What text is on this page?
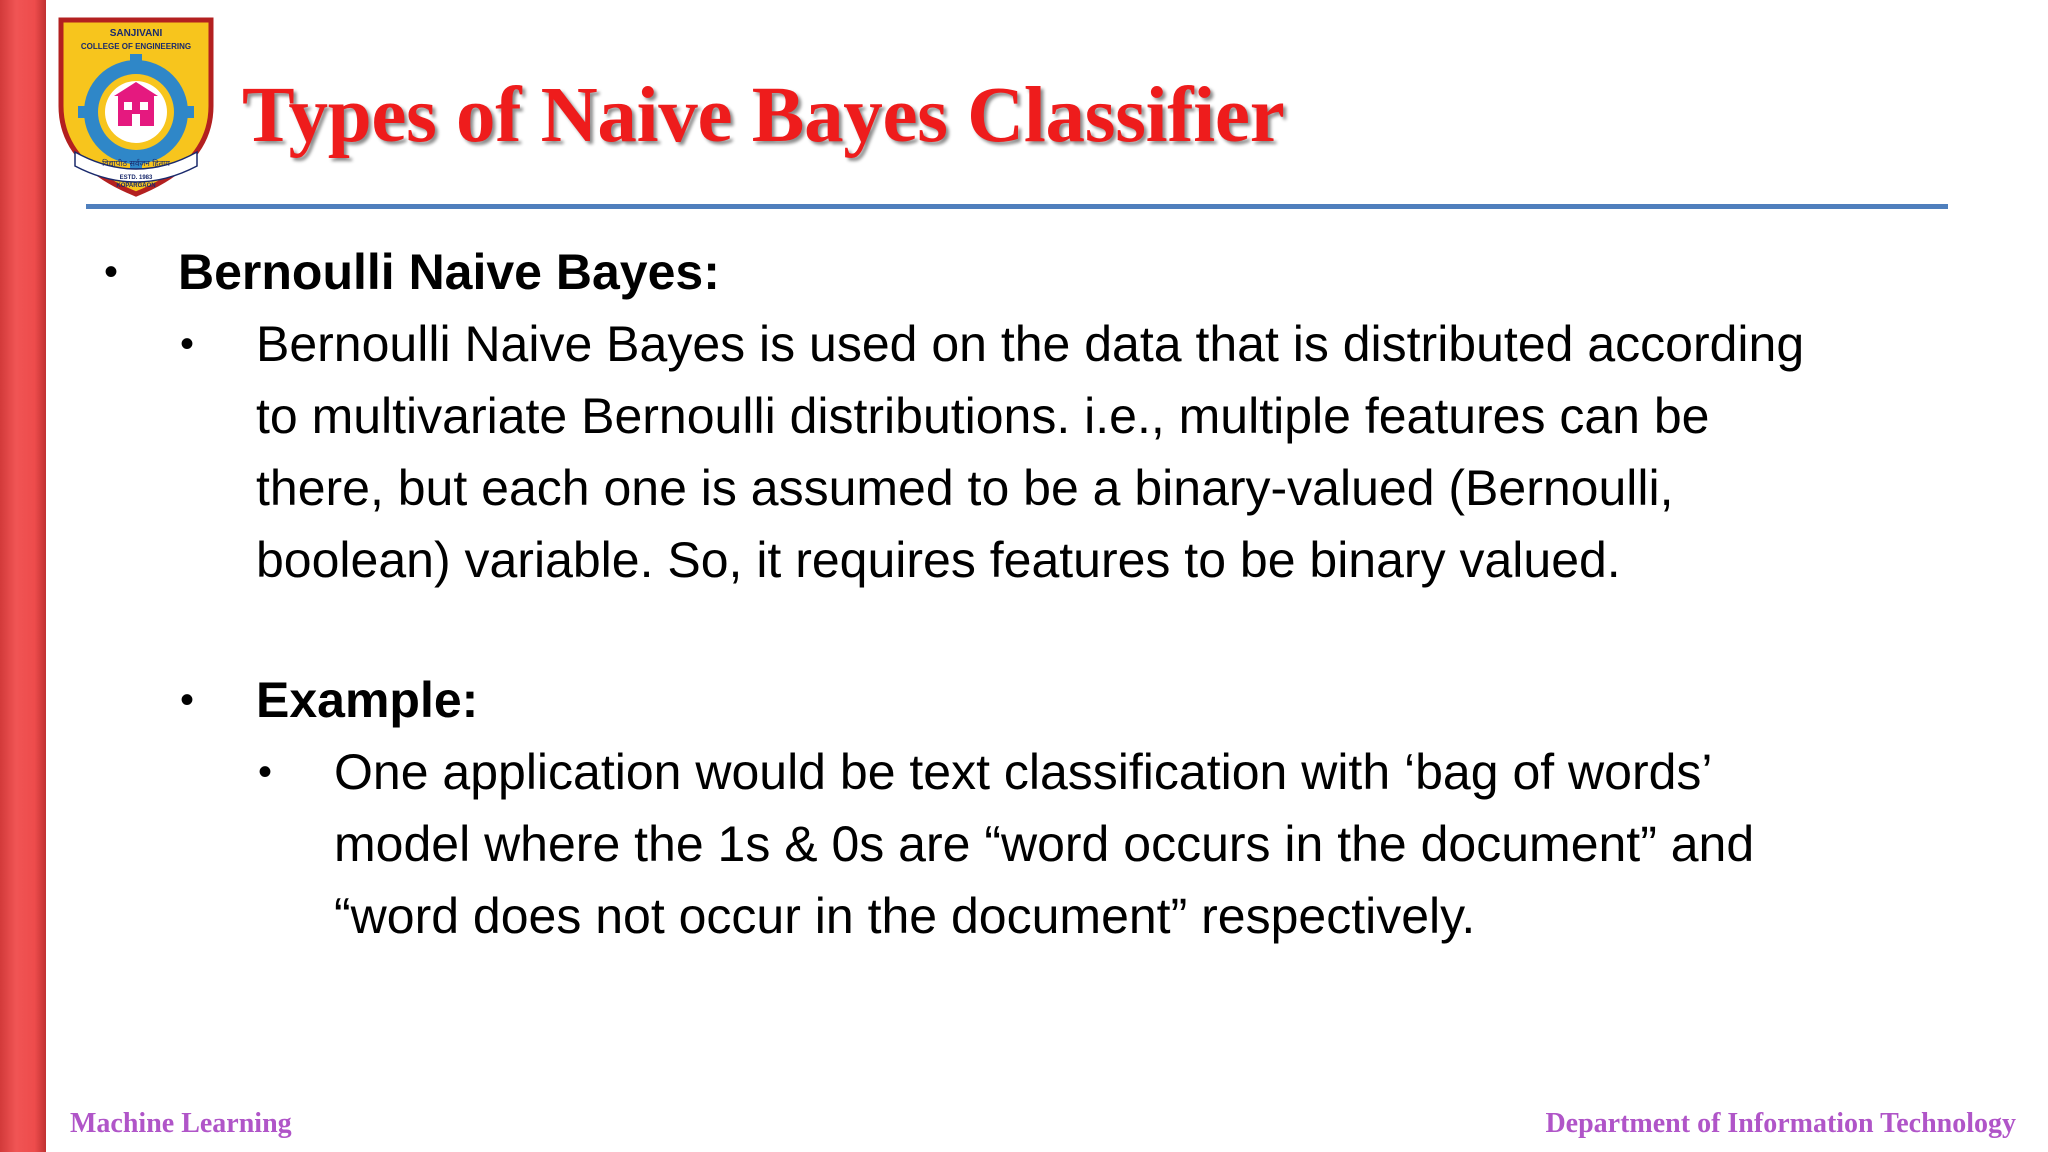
SANJIVANI
COLLEGE OF ENGINEERING
विद्यापीठ सर्वजन हिताय
ESTD. 1983
KOPARGAON
Types of Naive Bayes Classifier
• Bernoulli Naive Bayes:
• Bernoulli Naive Bayes is used on the data that is distributed according
to multivariate Bernoulli distributions. i.e., multiple features can be
there, but each one is assumed to be a binary-valued (Bernoulli,
boolean) variable. So, it requires features to be binary valued.
• Example:
• One application would be text classification with ‘bag of words’
model where the 1s & 0s are “word occurs in the document” and
“word does not occur in the document” respectively.
Machine Learning	Department of Information Technology
